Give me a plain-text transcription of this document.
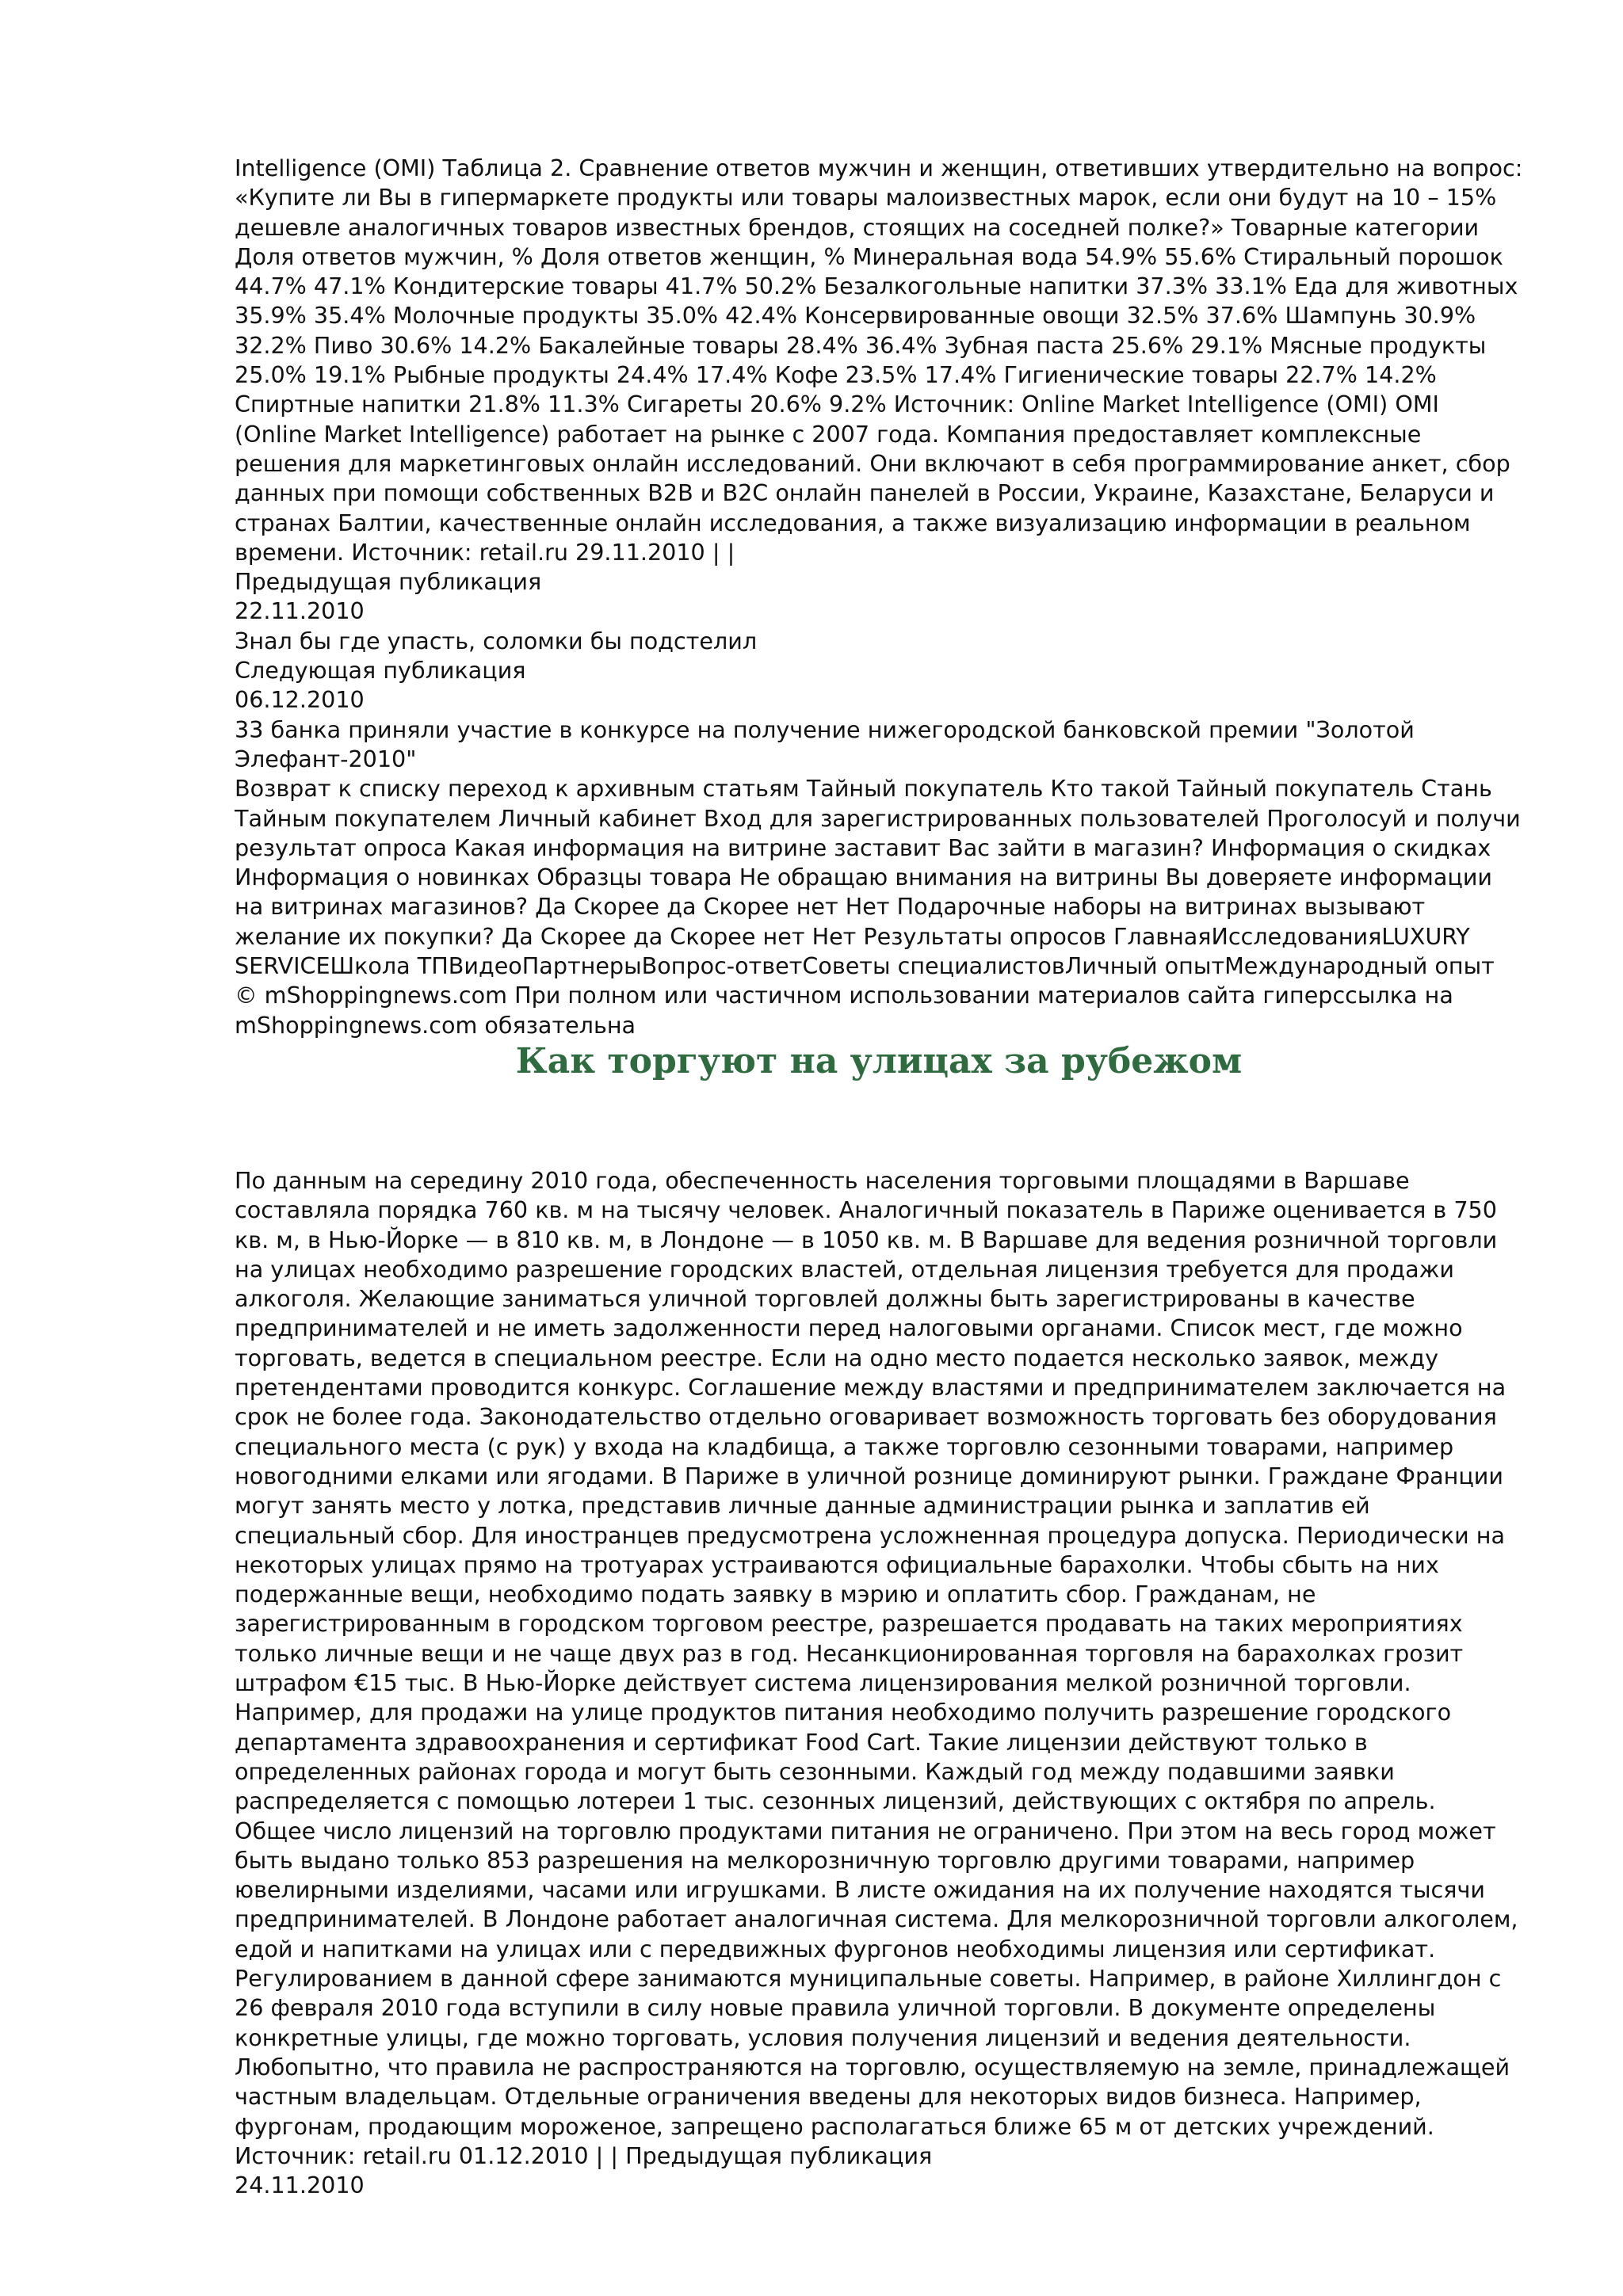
Intelligence (OMI) Таблица 2. Сравнение ответов мужчин и женщин, ответивших утвердительно на вопрос: «Купите ли Вы в гипермаркете продукты или товары малоизвестных марок, если они будут на 10 – 15% дешевле аналогичных товаров известных брендов, стоящих на соседней полке?» Товарные категории Доля ответов мужчин, % Доля ответов женщин, % Минеральная вода 54.9% 55.6% Стиральный порошок 44.7% 47.1% Кондитерские товары 41.7% 50.2% Безалкогольные напитки 37.3% 33.1% Еда для животных 35.9% 35.4% Молочные продукты 35.0% 42.4% Консервированные овощи 32.5% 37.6% Шампунь 30.9% 32.2% Пиво 30.6% 14.2% Бакалейные товары 28.4% 36.4% Зубная паста 25.6% 29.1% Мясные продукты 25.0% 19.1% Рыбные продукты 24.4% 17.4% Кофе 23.5% 17.4% Гигиенические товары 22.7% 14.2% Спиртные напитки 21.8% 11.3% Сигареты 20.6% 9.2% Источник: Online Market Intelligence (OMI) OMI (Online Market Intelligence) работает на рынке с 2007 года. Компания предоставляет комплексные решения для маркетинговых онлайн исследований. Они включают в себя программирование анкет, сбор данных при помощи собственных B2B и B2C онлайн панелей в России, Украине, Казахстане, Беларуси и странах Балтии, качественные онлайн исследования, а также визуализацию информации в реальном времени. Источник: retail.ru 29.11.2010 | |

Предыдущая публикация

22.11.2010

Знал бы где упасть, соломки бы подстелил

Следующая публикация

06.12.2010

33 банка приняли участие в конкурсе на получение нижегородской банковской премии "Золотой Элефант-2010"

Возврат к списку переход к архивным статьям Тайный покупатель Кто такой Тайный покупатель Стань Тайным покупателем Личный кабинет Вход для зарегистрированных пользователей Проголосуй и получи результат опроса Какая информация на витрине заставит Вас зайти в магазин? Информация о скидках Информация о новинках Образцы товара Не обращаю внимания на витрины Вы доверяете информации на витринах магазинов? Да Скорее да Скорее нет Нет Подарочные наборы на витринах вызывают желание их покупки? Да Скорее да Скорее нет Нет Результаты опросов ГлавнаяИсследованияLUXURY SERVICEШкола ТПВидеоПартнерыВопрос-ответСоветы специалистовЛичный опытМеждународный опыт © mShoppingnews.com При полном или частичном использовании материалов сайта гиперссылка на mShoppingnews.com обязательна

Как торгуют на улицах за рубежом

По данным на середину 2010 года, обеспеченность населения торговыми площадями в Варшаве составляла порядка 760 кв. м на тысячу человек. Аналогичный показатель в Париже оценивается в 750 кв. м, в Нью-Йорке — в 810 кв. м, в Лондоне — в 1050 кв. м. В Варшаве для ведения розничной торговли на улицах необходимо разрешение городских властей, отдельная лицензия требуется для продажи алкоголя. Желающие заниматься уличной торговлей должны быть зарегистрированы в качестве предпринимателей и не иметь задолженности перед налоговыми органами. Список мест, где можно торговать, ведется в специальном реестре. Если на одно место подается несколько заявок, между претендентами проводится конкурс. Соглашение между властями и предпринимателем заключается на срок не более года. Законодательство отдельно оговаривает возможность торговать без оборудования специального места (с рук) у входа на кладбища, а также торговлю сезонными товарами, например новогодними елками или ягодами. В Париже в уличной рознице доминируют рынки. Граждане Франции могут занять место у лотка, представив личные данные администрации рынка и заплатив ей специальный сбор. Для иностранцев предусмотрена усложненная процедура допуска. Периодически на некоторых улицах прямо на тротуарах устраиваются официальные барахолки. Чтобы сбыть на них подержанные вещи, необходимо подать заявку в мэрию и оплатить сбор. Гражданам, не зарегистрированным в городском торговом реестре, разрешается продавать на таких мероприятиях только личные вещи и не чаще двух раз в год. Несанкционированная торговля на барахолках грозит штрафом €15 тыс. В Нью-Йорке действует система лицензирования мелкой розничной торговли. Например, для продажи на улице продуктов питания необходимо получить разрешение городского департамента здравоохранения и сертификат Food Cart. Такие лицензии действуют только в определенных районах города и могут быть сезонными. Каждый год между подавшими заявки распределяется с помощью лотереи 1 тыс. сезонных лицензий, действующих с октября по апрель. Общее число лицензий на торговлю продуктами питания не ограничено. При этом на весь город может быть выдано только 853 разрешения на мелкорозничную торговлю другими товарами, например ювелирными изделиями, часами или игрушками. В листе ожидания на их получение находятся тысячи предпринимателей. В Лондоне работает аналогичная система. Для мелкорозничной торговли алкоголем, едой и напитками на улицах или с передвижных фургонов необходимы лицензия или сертификат. Регулированием в данной сфере занимаются муниципальные советы. Например, в районе Хиллингдон с 26 февраля 2010 года вступили в силу новые правила уличной торговли. В документе определены конкретные улицы, где можно торговать, условия получения лицензий и ведения деятельности. Любопытно, что правила не распространяются на торговлю, осуществляемую на земле, принадлежащей частным владельцам. Отдельные ограничения введены для некоторых видов бизнеса. Например, фургонам, продающим мороженое, запрещено располагаться ближе 65 м от детских учреждений. Источник: retail.ru 01.12.2010 | | Предыдущая публикация

24.11.2010
